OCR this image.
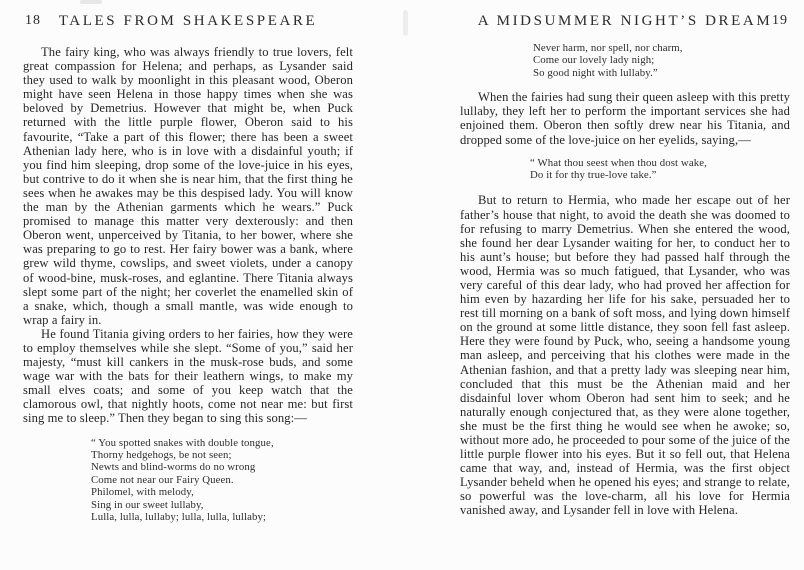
18	TALES FROM SHAKESPEARE

The fairy king, who was always friendly to true lovers, felt great compassion for Helena; and perhaps, as Lysander said they used to walk by moonlight in this pleasant wood, Oberon might have seen Helena in those happy times when she was beloved by Demetrius. However that might be, when Puck returned with the little purple flower, Oberon said to his favourite, “Take a part of this flower; there has been a sweet Athenian lady here, who is in love with a disdainful youth; if you find him sleeping, drop some of the love-juice in his eyes, but contrive to do it when she is near him, that the first thing he sees when he awakes may be this despised lady. You will know the man by the Athenian garments which he wears.” Puck promised to manage this matter very dexterously: and then Oberon went, unperceived by Titania, to her bower, where she was preparing to go to rest. Her fairy bower was a bank, where grew wild thyme, cowslips, and sweet violets, under a canopy of wood-bine, musk-roses, and eglantine. There Titania always slept some part of the night; her coverlet the enamelled skin of a snake, which, though a small mantle, was wide enough to wrap a fairy in.

He found Titania giving orders to her fairies, how they were to employ themselves while she slept. “Some of you,” said her majesty, “must kill cankers in the musk-rose buds, and some wage war with the bats for their leathern wings, to make my small elves coats; and some of you keep watch that the clamorous owl, that nightly hoots, come not near me: but first sing me to sleep.” Then they began to sing this song:—

“ You spotted snakes with double tongue,
Thorny hedgehogs, be not seen;
Newts and blind-worms do no wrong
Come not near our Fairy Queen.
Philomel, with melody,
Sing in our sweet lullaby,
Lulla, lulla, lullaby; lulla, lulla, lullaby;
A MIDSUMMER NIGHT’S DREAM 19
Never harm, nor spell, nor charm,
Come our lovely lady nigh;
So good night with lullaby.”

When the fairies had sung their queen asleep with this pretty lullaby, they left her to perform the important services she had enjoined them. Oberon then softly drew near his Titania, and dropped some of the love-juice on her eyelids, saying,—

“ What thou seest when thou dost wake,
Do it for thy true-love take.”

But to return to Hermia, who made her escape out of her father’s house that night, to avoid the death she was doomed to for refusing to marry Demetrius. When she entered the wood, she found her dear Lysander waiting for her, to conduct her to his aunt’s house; but before they had passed half through the wood, Hermia was so much fatigued, that Lysander, who was very careful of this dear lady, who had proved her affection for him even by hazarding her life for his sake, persuaded her to rest till morning on a bank of soft moss, and lying down himself on the ground at some little distance, they soon fell fast asleep. Here they were found by Puck, who, seeing a handsome young man asleep, and perceiving that his clothes were made in the Athenian fashion, and that a pretty lady was sleeping near him, concluded that this must be the Athenian maid and her disdainful lover whom Oberon had sent him to seek; and he naturally enough conjectured that, as they were alone together, she must be the first thing he would see when he awoke; so, without more ado, he proceeded to pour some of the juice of the little purple flower into his eyes. But it so fell out, that Helena came that way, and, instead of Hermia, was the first object Lysander beheld when he opened his eyes; and strange to relate, so powerful was the love-charm, all his love for Hermia vanished away, and Lysander fell in love with Helena.
